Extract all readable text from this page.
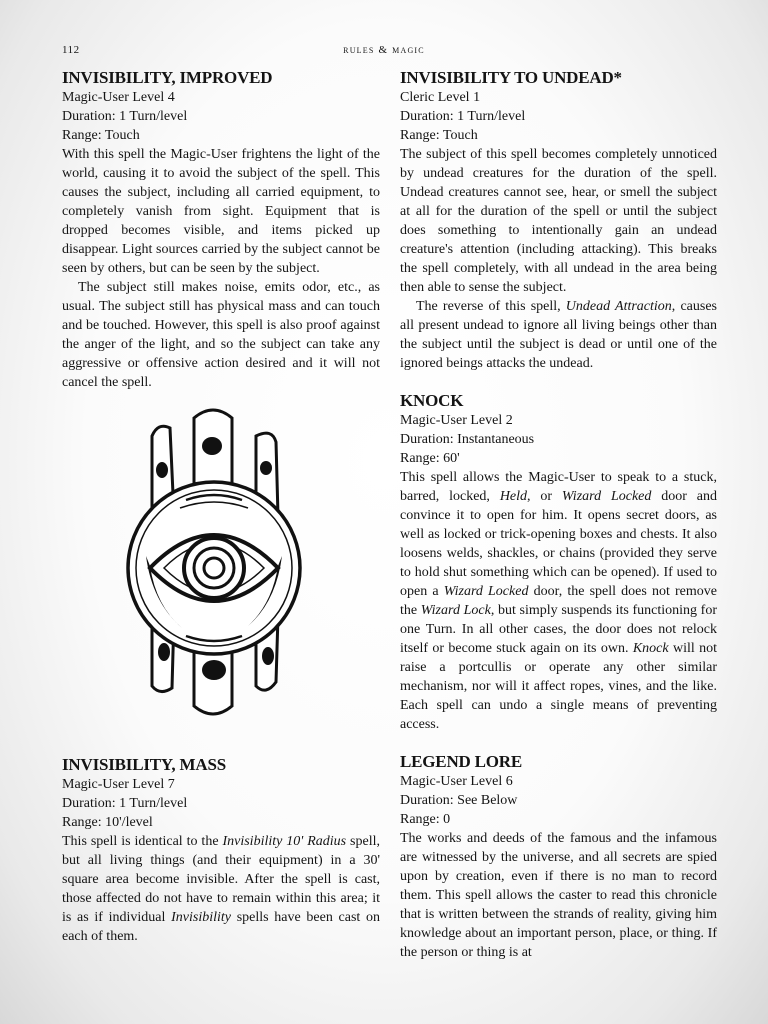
112	rules & magic
INVISIBILITY, IMPROVED
Magic-User Level 4
Duration: 1 Turn/level
Range: Touch

With this spell the Magic-User frightens the light of the world, causing it to avoid the subject of the spell. This causes the subject, including all carried equipment, to completely vanish from sight. Equipment that is dropped becomes visible, and items picked up disappear. Light sources carried by the subject cannot be seen by others, but can be seen by the subject.

The subject still makes noise, emits odor, etc., as usual. The subject still has physical mass and can touch and be touched. However, this spell is also proof against the anger of the light, and so the subject can take any aggressive or offensive action desired and it will not cancel the spell.

INVISIBILITY, MASS
Magic-User Level 7
Duration: 1 Turn/level
Range: 10'/level

This spell is identical to the Invisibility 10' Radius spell, but all living things (and their equipment) in a 30' square area become invisible. After the spell is cast, those affected do not have to remain within this area; it is as if individual Invisibility spells have been cast on each of them.

INVISIBILITY TO UNDEAD*
Cleric Level 1
Duration: 1 Turn/level
Range: Touch

The subject of this spell becomes completely unnoticed by undead creatures for the duration of the spell. Undead creatures cannot see, hear, or smell the subject at all for the duration of the spell or until the subject does something to intentionally gain an undead creature's attention (including attacking). This breaks the spell completely, with all undead in the area being then able to sense the subject.

The reverse of this spell, Undead Attraction, causes all present undead to ignore all living beings other than the subject until the subject is dead or until one of the ignored beings attacks the undead.

KNOCK
Magic-User Level 2
Duration: Instantaneous
Range: 60'

This spell allows the Magic-User to speak to a stuck, barred, locked, Held, or Wizard Locked door and convince it to open for him. It opens secret doors, as well as locked or trick-opening boxes and chests. It also loosens welds, shackles, or chains (provided they serve to hold shut something which can be opened). If used to open a Wizard Locked door, the spell does not remove the Wizard Lock, but simply suspends its functioning for one Turn. In all other cases, the door does not relock itself or become stuck again on its own. Knock will not raise a portcullis or operate any other similar mechanism, nor will it affect ropes, vines, and the like. Each spell can undo a single means of preventing access.

LEGEND LORE
Magic-User Level 6
Duration: See Below
Range: 0

The works and deeds of the famous and the infamous are witnessed by the universe, and all secrets are spied upon by creation, even if there is no man to record them. This spell allows the caster to read this chronicle that is written between the strands of reality, giving him knowledge about an important person, place, or thing. If the person or thing is at
